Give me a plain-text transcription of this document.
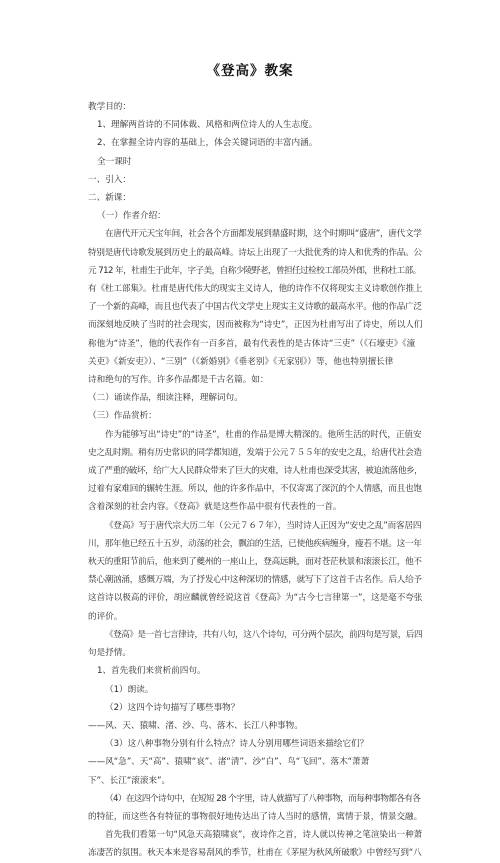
《登高》教案

教学目的：

1、理解两首诗的不同体裁、风格和两位诗人的人生志度。

2、在掌握全诗内容的基础上，体会关键词语的丰富内涵。

全一课时

一、引入：

二、新课：

（一）作者介绍：

在唐代开元天宝年间，社会各个方面都发展到鼎盛时期，这个时期叫“盛唐”，唐代文学

特别是唐代诗歌发展到历史上的最高峰。诗坛上出现了一大批优秀的诗人和优秀的作品。公

元 712 年，杜甫生于此年，字子美，自称少陵野老，曾担任过检校工部员外郎，世称杜工部。

有《杜工部集》。杜甫是唐代伟大的现实主义诗人，他的诗作不仅将现实主义诗歌创作推上

了一个新的高峰，而且也代表了中国古代文学史上现实主义诗歌的最高水平。他的作品广泛

而深刻地反映了当时的社会现实，因而被称为“诗史”，正因为杜甫写出了诗史，所以人们

称他为“诗圣”，他的代表作有一百多首，最有代表性的是古体诗“三吏”（《石壕吏》《潼

关吏》《新安吏》）、“三别”（《新婚别》《垂老别》《无家别》）等，他也特别擅长律

诗和绝句的写作。许多作品都是千古名篇。如：

（二）诵读作品，细读注释，理解词句。

（三）作品赏析：

作为能够写出“诗史”的“诗圣”，杜甫的作品是博大精深的。他所生活的时代，正值安

史之乱时期。稍有历史常识的同学都知道，发端于公元７５５年的安史之乱，给唐代社会造

成了严重的破坏，给广大人民群众带来了巨大的灾难，诗人杜甫也深受其害，被迫流落他乡，

过着有家难回的辗转生涯。所以，他的许多作品中，不仅寄寓了深沉的个人情感，而且也饱

含着深刻的社会内容。《登高》就是这些作品中很有代表性的一首。

《登高》写于唐代宗大历二年（公元７６７年），当时诗人正因为“安史之乱”而客居四

川，那年他已经五十五岁，动荡的社会，飘泊的生活，已使他疾病缠身，瘦若不堪。这一年

秋天的重阳节前后，他来到了夔州的一座山上，登高远眺，面对苍茫秋景和滚滚长江，他不

禁心潮汹涌，感慨万端，为了抒发心中这种深切的情感，就写下了这首千古名作。后人给予

这首诗以极高的评价，胡应麟就曾经说这首《登高》为“古今七言律第一”，这是毫不夸张

的评价。

《登高》是一首七言律诗，共有八句，这八个诗句，可分两个层次，前四句是写景，后四

句是抒情。

1、首先我们来赏析前四句。

（1）朗读。

（2）这四个诗句描写了哪些事物？

——风、天、猿啸、渚、沙、鸟、落木、长江八种事物。

（3）这八种事物分别有什么特点？诗人分别用哪些词语来描绘它们？

——风“急”、天“高”、猿啸“哀”、渚“清”、沙“白”、鸟“飞回”、落木“萧萧

下”、长江“滚滚来”。

（4）在这四个诗句中，在短短 28 个字里，诗人就描写了八种事物，而每种事物都各有各

的特征，而这些各有特征的事物很好地传达出了诗人当时的感情，寓情于景，情景交融。

首先我们看第一句“风急天高猿啸哀”，夜诗作之首，诗人就以传神之笔渲染出一种萧

冻凄苦的氛围。秋天本来是容易刮风的季节，杜甫在《茅屋为秋风所破歌》中曾经写到“八
